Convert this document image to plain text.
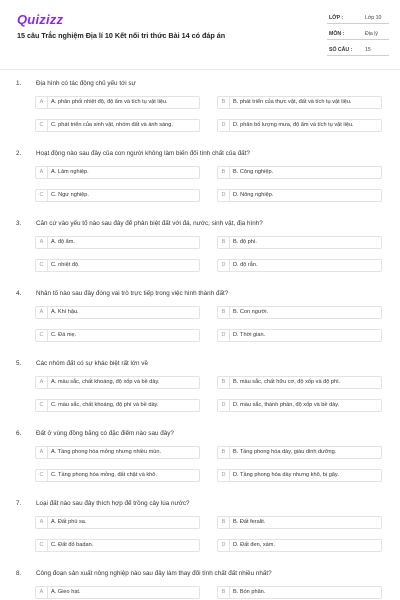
Quizizz
15 câu Trắc nghiệm Địa lí 10 Kết nối tri thức Bài 14 có đáp án
LỚP :	Lớp 10
MÔN :	Địa lý
SỐ CÂU : 15
1. Địa hình có tác động chủ yếu tới sự
A	A. phân phối nhiệt độ, độ ẩm và tích tụ vật liệu.	B	B. phát triển của thực vật, đất và tích tụ vật liệu.
C	C. phát triển của sinh vật, nhóm đất và ánh sáng.	D	D. phân bố lượng mưa, độ ẩm và tích tụ vật liệu.
2. Hoạt động nào sau đây của con người không làm biến đổi tính chất của đất?
A	A. Lâm nghiệp.	B	B. Công nghiệp.
C	C. Ngư nghiệp.	D	D. Nông nghiệp.
3. Căn cứ vào yếu tố nào sau đây để phân biệt đất với đá, nước, sinh vật, địa hình?
A	A. độ ẩm.	B	B. độ phì.
C	C. nhiệt độ.	D	D. độ rắn.
4. Nhân tố nào sau đây đóng vai trò trực tiếp trong việc hình thành đất?
A	A. Khí hậu.	B	B. Con người.
C	C. Đá mẹ.	D	D. Thời gian.
5. Các nhóm đất có sự khác biệt rất lớn về
A	A. màu sắc, chất khoáng, độ xốp và bề dày.	B	B. màu sắc, chất hữu cơ, độ xốp và độ phì.
C	C. màu sắc, chất khoáng, độ phì và bề dày.	D	D. màu sắc, thành phần, độ xốp và bề dày.
6. Đất ở vùng đồng bằng có đặc điểm nào sau đây?
A	A. Tầng phong hóa mỏng nhưng nhiều mùn.	B	B. Tầng phong hóa dày, giàu dinh dưỡng.
C	C. Tầng phong hóa mỏng, đất chặt và khô.	D	D. Tầng phong hóa dày nhưng khô, bị gãy.
7. Loại đất nào sau đây thích hợp để trồng cây lúa nước?
A	A. Đất phù sa.	B	B. Đất feralit.
C	C. Đất đỏ badan.	D	D. Đất đen, xám.
8. Công đoạn sản xuất nông nghiệp nào sau đây làm thay đổi tính chất đất nhiều nhất?
A	A. Gieo hạt.	B	B. Bón phân.
